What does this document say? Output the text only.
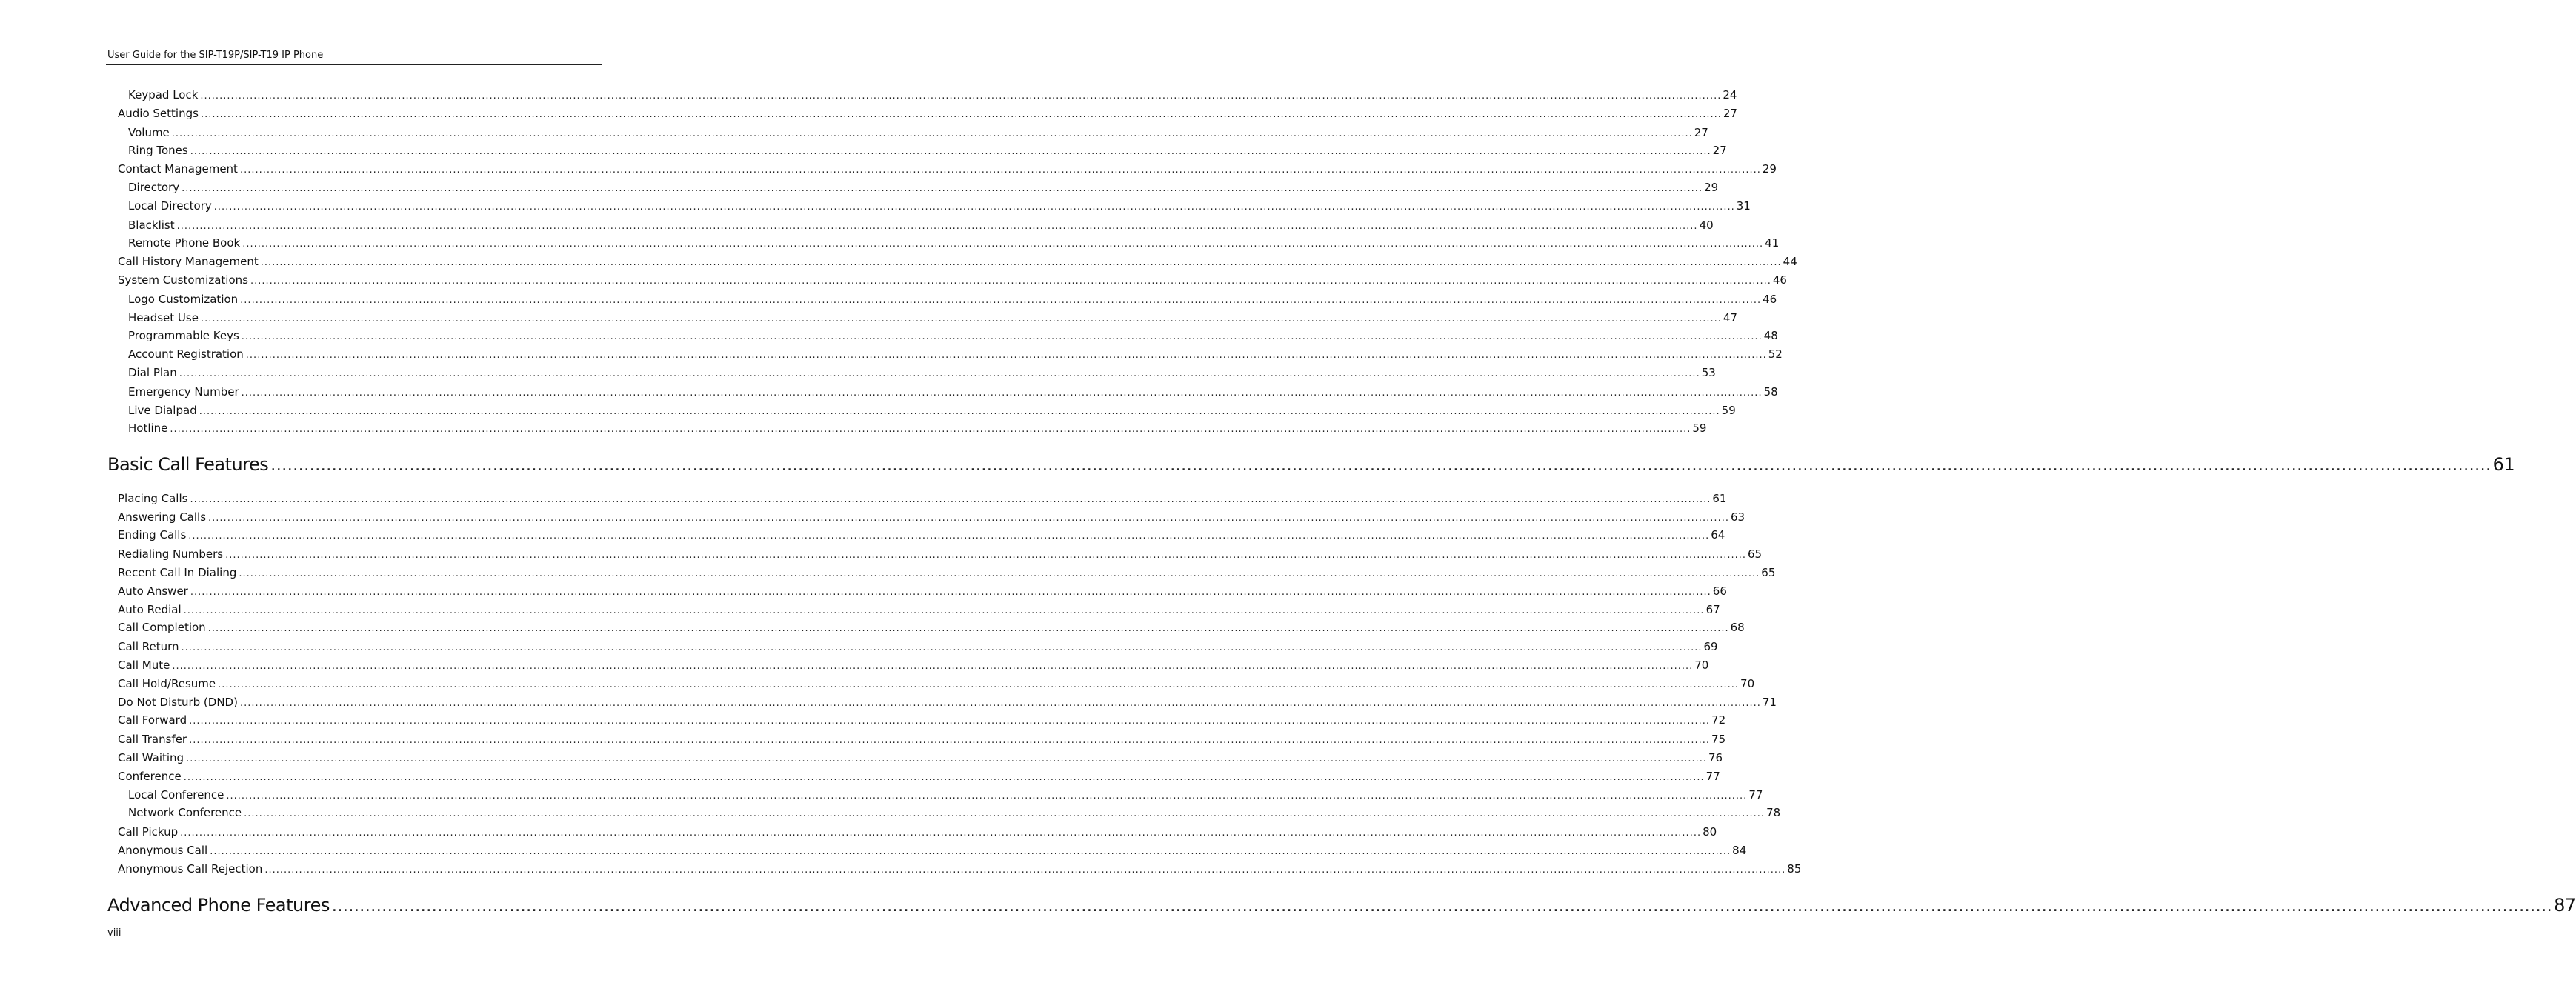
User Guide for the SIP-T19P/SIP-T19 IP Phone
Keypad Lock ................................................................................................................................................................................................................................................................................................................................................................................................................ 24
Audio Settings ................................................................................................................................................................................................................................................................................................................................................................................................................ 27
Volume ................................................................................................................................................................................................................................................................................................................................................................................................................ 27
Ring Tones ................................................................................................................................................................................................................................................................................................................................................................................................................ 27
Contact Management ................................................................................................................................................................................................................................................................................................................................................................................................................ 29
Directory ................................................................................................................................................................................................................................................................................................................................................................................................................ 29
Local Directory ................................................................................................................................................................................................................................................................................................................................................................................................................ 31
Blacklist ................................................................................................................................................................................................................................................................................................................................................................................................................ 40
Remote Phone Book ................................................................................................................................................................................................................................................................................................................................................................................................................ 41
Call History Management ................................................................................................................................................................................................................................................................................................................................................................................................................ 44
System Customizations ................................................................................................................................................................................................................................................................................................................................................................................................................ 46
Logo Customization ................................................................................................................................................................................................................................................................................................................................................................................................................ 46
Headset Use ................................................................................................................................................................................................................................................................................................................................................................................................................ 47
Programmable Keys ................................................................................................................................................................................................................................................................................................................................................................................................................ 48
Account Registration ................................................................................................................................................................................................................................................................................................................................................................................................................ 52
Dial Plan ................................................................................................................................................................................................................................................................................................................................................................................................................ 53
Emergency Number ................................................................................................................................................................................................................................................................................................................................................................................................................ 58
Live Dialpad ................................................................................................................................................................................................................................................................................................................................................................................................................ 59
Hotline ................................................................................................................................................................................................................................................................................................................................................................................................................ 59
Basic Call Features ................................................................................................................................................................................................................................................................................................................................................................................................................ 61
Placing Calls ................................................................................................................................................................................................................................................................................................................................................................................................................ 61
Answering Calls ................................................................................................................................................................................................................................................................................................................................................................................................................ 63
Ending Calls ................................................................................................................................................................................................................................................................................................................................................................................................................ 64
Redialing Numbers ................................................................................................................................................................................................................................................................................................................................................................................................................ 65
Recent Call In Dialing ................................................................................................................................................................................................................................................................................................................................................................................................................ 65
Auto Answer ................................................................................................................................................................................................................................................................................................................................................................................................................ 66
Auto Redial ................................................................................................................................................................................................................................................................................................................................................................................................................ 67
Call Completion ................................................................................................................................................................................................................................................................................................................................................................................................................ 68
Call Return ................................................................................................................................................................................................................................................................................................................................................................................................................ 69
Call Mute ................................................................................................................................................................................................................................................................................................................................................................................................................ 70
Call Hold/Resume ................................................................................................................................................................................................................................................................................................................................................................................................................ 70
Do Not Disturb (DND) ................................................................................................................................................................................................................................................................................................................................................................................................................ 71
Call Forward ................................................................................................................................................................................................................................................................................................................................................................................................................ 72
Call Transfer ................................................................................................................................................................................................................................................................................................................................................................................................................ 75
Call Waiting ................................................................................................................................................................................................................................................................................................................................................................................................................ 76
Conference ................................................................................................................................................................................................................................................................................................................................................................................................................ 77
Local Conference ................................................................................................................................................................................................................................................................................................................................................................................................................ 77
Network Conference ................................................................................................................................................................................................................................................................................................................................................................................................................ 78
Call Pickup ................................................................................................................................................................................................................................................................................................................................................................................................................ 80
Anonymous Call ................................................................................................................................................................................................................................................................................................................................................................................................................ 84
Anonymous Call Rejection ................................................................................................................................................................................................................................................................................................................................................................................................................ 85
Advanced Phone Features ................................................................................................................................................................................................................................................................................................................................................................................................................ 87
viii
